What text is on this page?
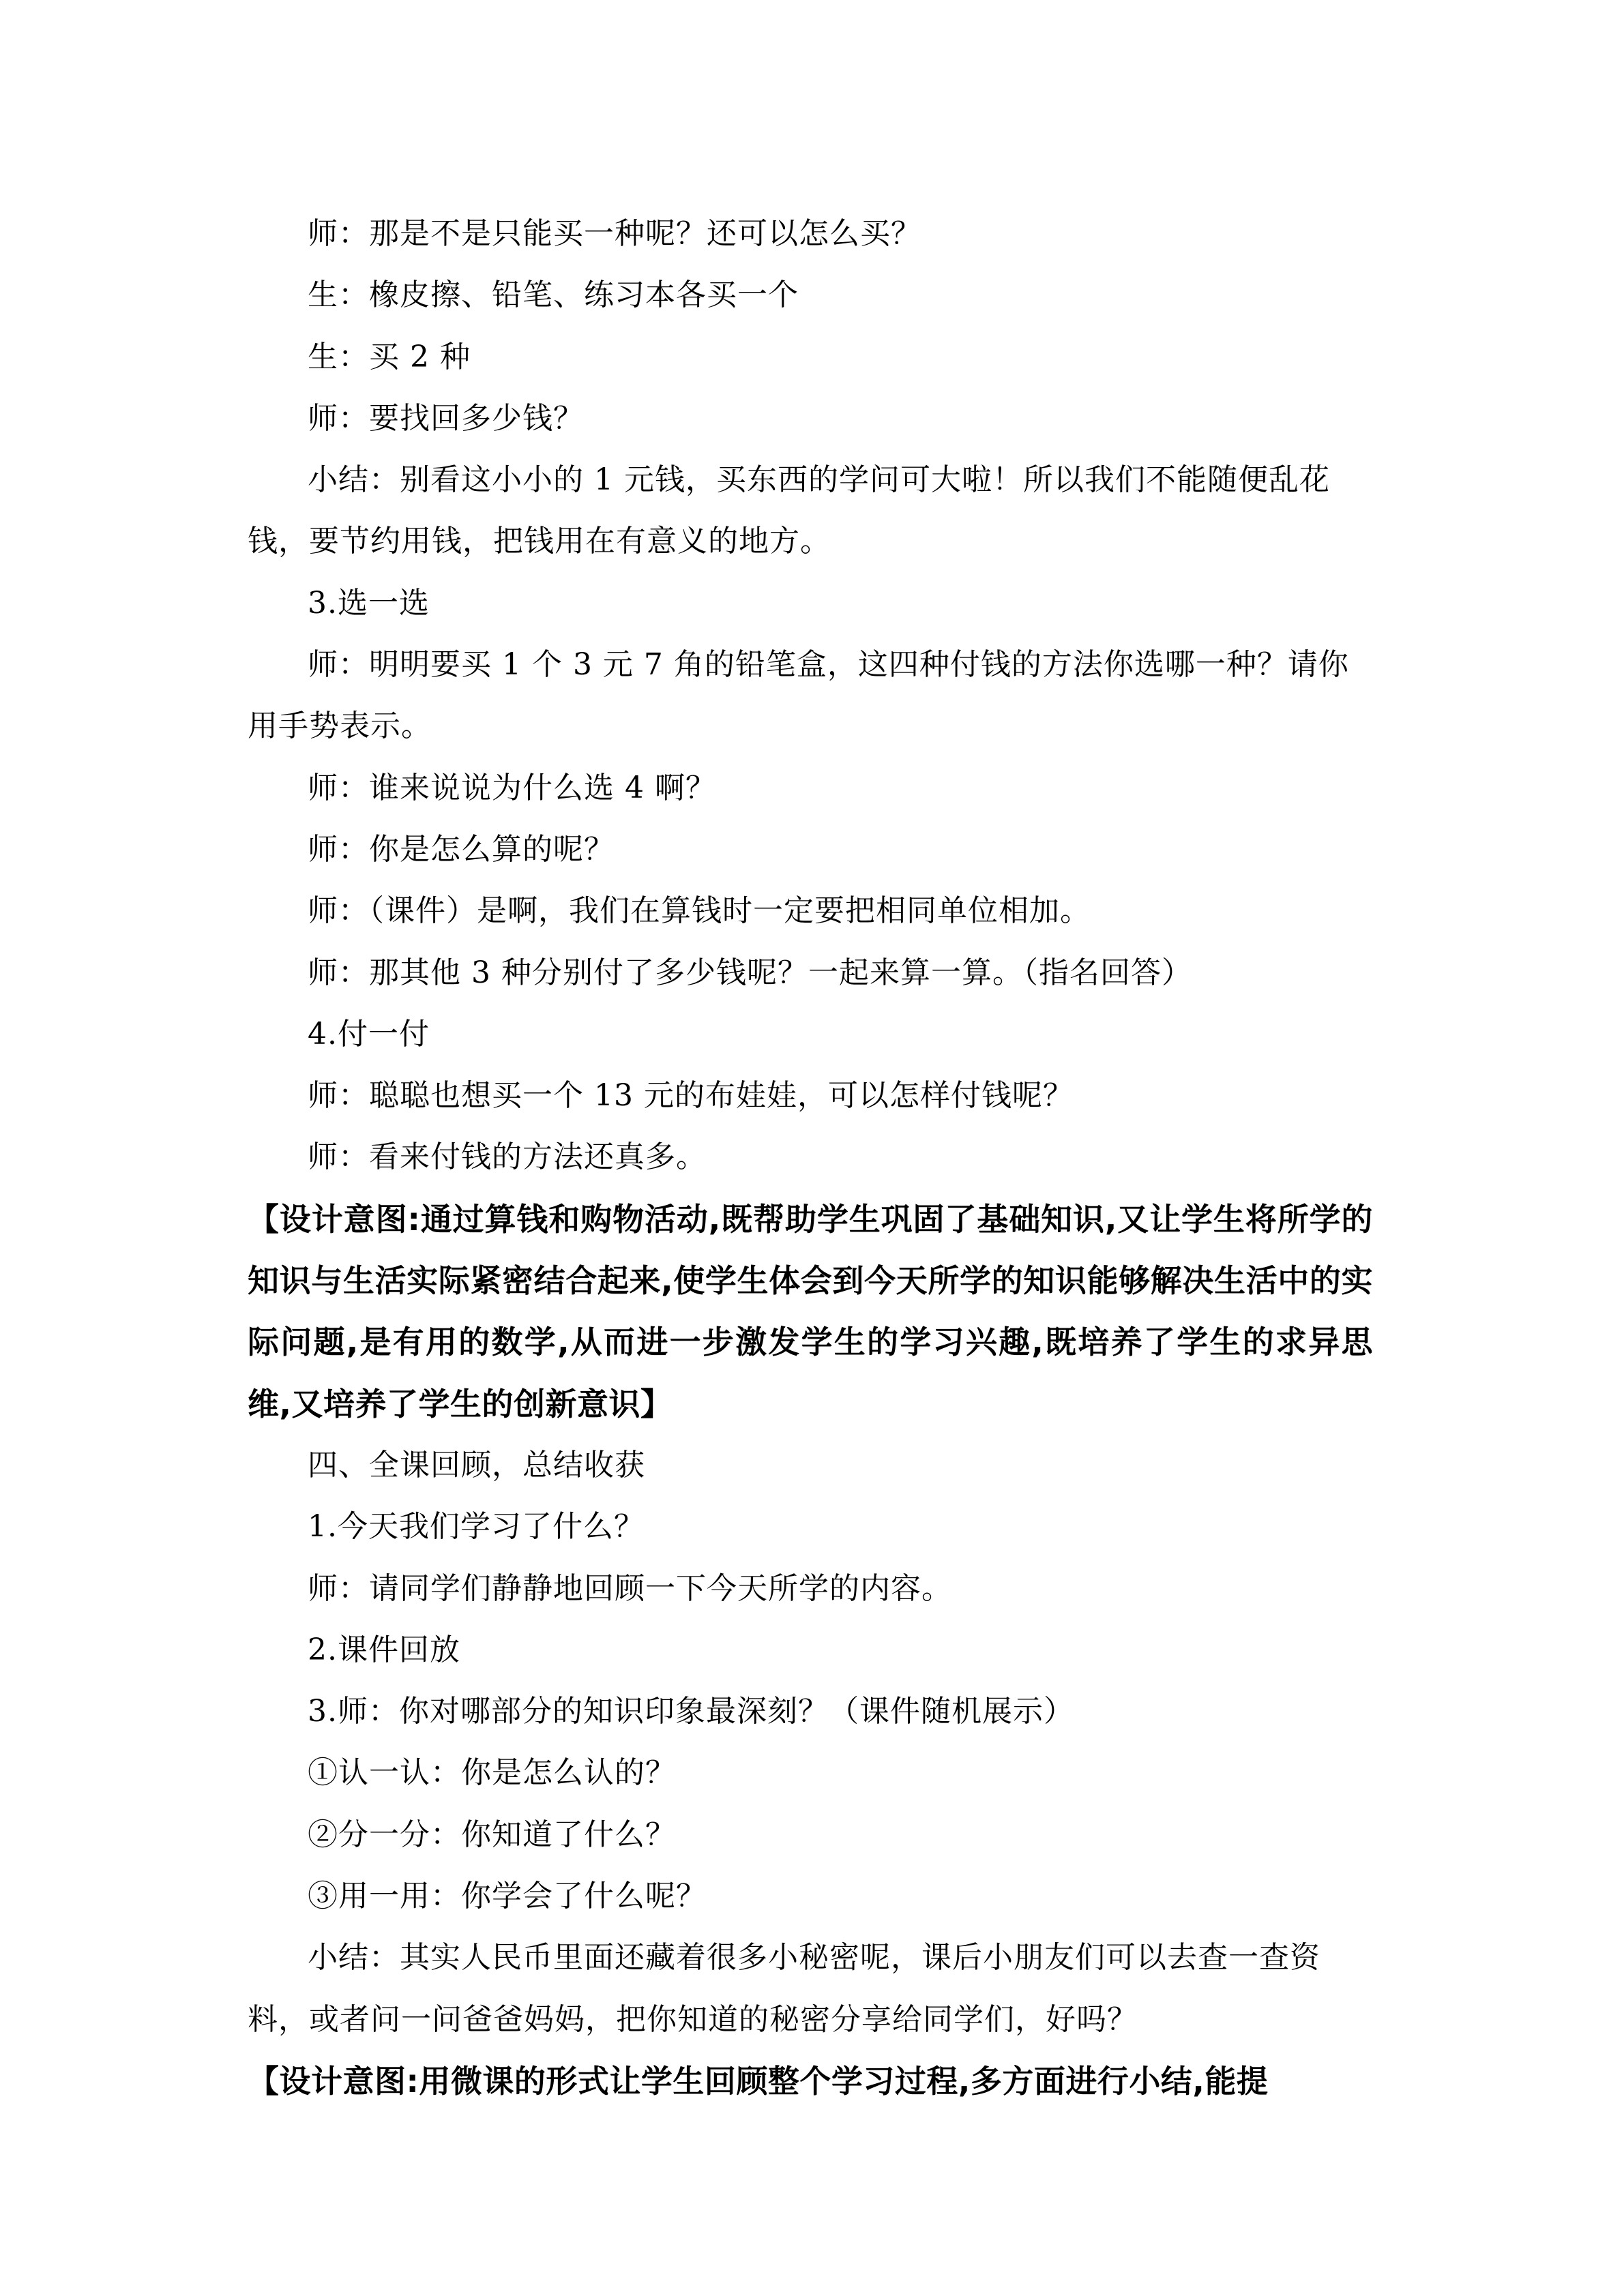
师：那是不是只能买一种呢？还可以怎么买？

生：橡皮擦、铅笔、练习本各买一个

生：买 2 种

师：要找回多少钱？

小结：别看这小小的 1 元钱，买东西的学问可大啦！所以我们不能随便乱花钱，要节约用钱，把钱用在有意义的地方。

3.选一选

师：明明要买 1 个 3 元 7 角的铅笔盒，这四种付钱的方法你选哪一种？请你用手势表示。

师：谁来说说为什么选 4 啊？

师：你是怎么算的呢？

师：（课件）是啊，我们在算钱时一定要把相同单位相加。

师：那其他 3 种分别付了多少钱呢？一起来算一算。（指名回答）

4.付一付

师：聪聪也想买一个 13 元的布娃娃，可以怎样付钱呢？

师：看来付钱的方法还真多。

【设计意图:通过算钱和购物活动,既帮助学生巩固了基础知识,又让学生将所学的知识与生活实际紧密结合起来,使学生体会到今天所学的知识能够解决生活中的实际问题,是有用的数学,从而进一步激发学生的学习兴趣,既培养了学生的求异思维,又培养了学生的创新意识】

四、全课回顾，总结收获

1.今天我们学习了什么？

师：请同学们静静地回顾一下今天所学的内容。

2.课件回放

3.师：你对哪部分的知识印象最深刻？（课件随机展示）

①认一认：你是怎么认的？

②分一分：你知道了什么？

③用一用：你学会了什么呢？

小结：其实人民币里面还藏着很多小秘密呢，课后小朋友们可以去查一查资料，或者问一问爸爸妈妈，把你知道的秘密分享给同学们，好吗？

【设计意图:用微课的形式让学生回顾整个学习过程,多方面进行小结,能提
